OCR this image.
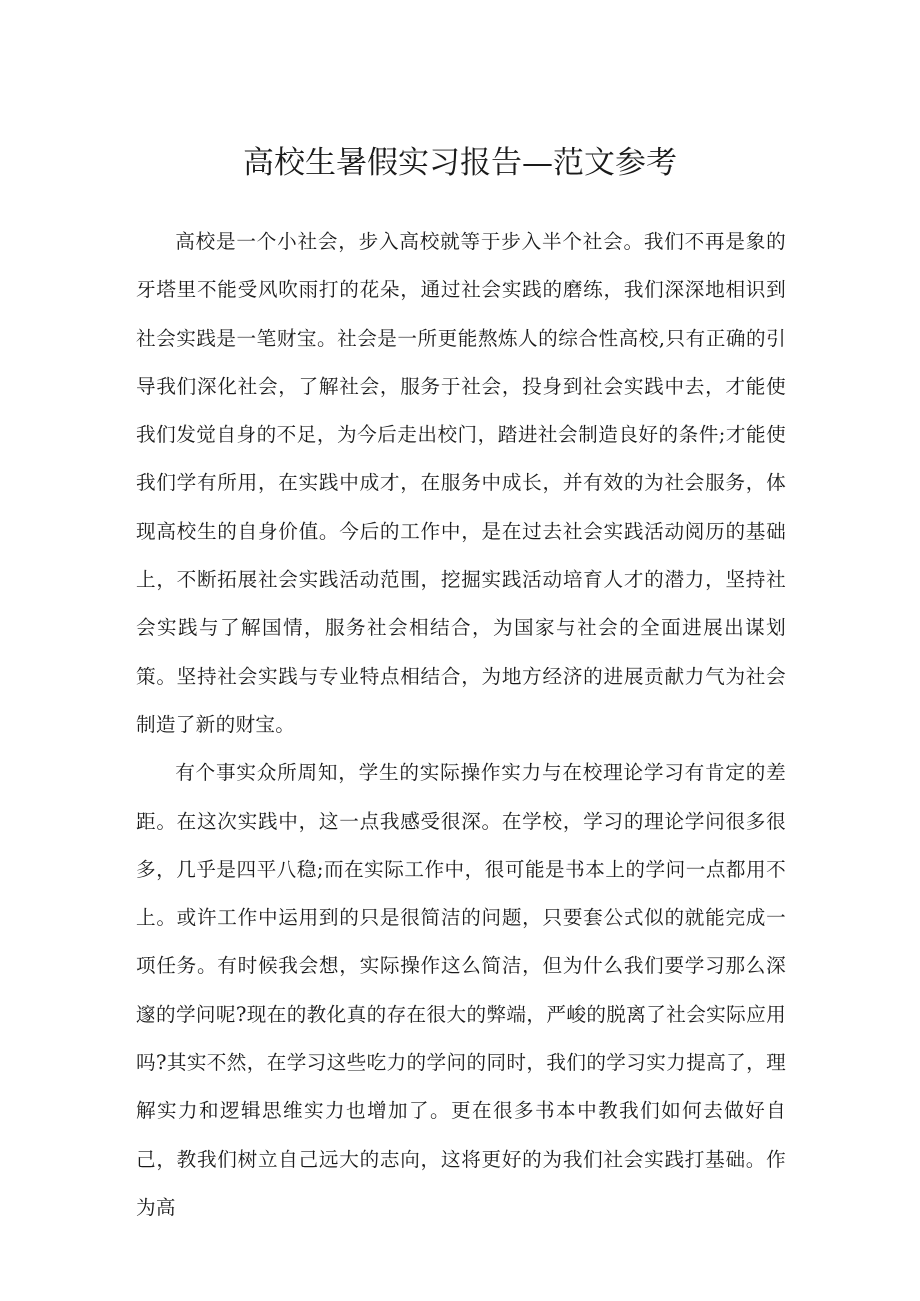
高校生暑假实习报告—范文参考

高校是一个小社会，步入高校就等于步入半个社会。我们不再是象的牙塔里不能受风吹雨打的花朵，通过社会实践的磨练，我们深深地相识到社会实践是一笔财宝。社会是一所更能熬炼人的综合性高校,只有正确的引导我们深化社会，了解社会，服务于社会，投身到社会实践中去，才能使我们发觉自身的不足，为今后走出校门，踏进社会制造良好的条件;才能使我们学有所用，在实践中成才，在服务中成长，并有效的为社会服务，体现高校生的自身价值。今后的工作中，是在过去社会实践活动阅历的基础上，不断拓展社会实践活动范围，挖掘实践活动培育人才的潜力，坚持社会实践与了解国情，服务社会相结合，为国家与社会的全面进展出谋划策。坚持社会实践与专业特点相结合，为地方经济的进展贡献力气为社会制造了新的财宝。

有个事实众所周知，学生的实际操作实力与在校理论学习有肯定的差距。在这次实践中，这一点我感受很深。在学校，学习的理论学问很多很多，几乎是四平八稳;而在实际工作中，很可能是书本上的学问一点都用不上。或许工作中运用到的只是很简洁的问题，只要套公式似的就能完成一项任务。有时候我会想，实际操作这么简洁，但为什么我们要学习那么深邃的学问呢?现在的教化真的存在很大的弊端，严峻的脱离了社会实际应用吗?其实不然，在学习这些吃力的学问的同时，我们的学习实力提高了，理解实力和逻辑思维实力也增加了。更在很多书本中教我们如何去做好自己，教我们树立自己远大的志向，这将更好的为我们社会实践打基础。作为高
